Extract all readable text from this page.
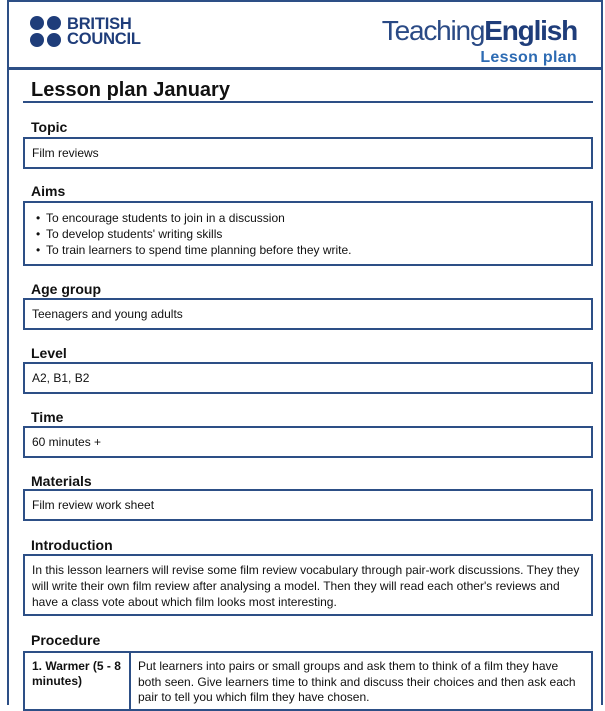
BRITISH
COUNCIL	TeachingEnglish
Lesson plan
Lesson plan January
Topic
Film reviews
Aims
• To encourage students to join in a discussion
• To develop students' writing skills
• To train learners to spend time planning before they write.
Age group
Teenagers and young adults
Level
A2, B1, B2
Time
60 minutes +
Materials
Film review work sheet
Introduction
In this lesson learners will revise some film review vocabulary through pair-work discussions. They they will write their own film review after analysing a model. Then they will read each other's reviews and have a class vote about which film looks most interesting.
Procedure
1. Warmer (5 - 8 minutes)
Put learners into pairs or small groups and ask them to think of a film they have both seen. Give learners time to think and discuss their choices and then ask each pair to tell you which film they have chosen.
